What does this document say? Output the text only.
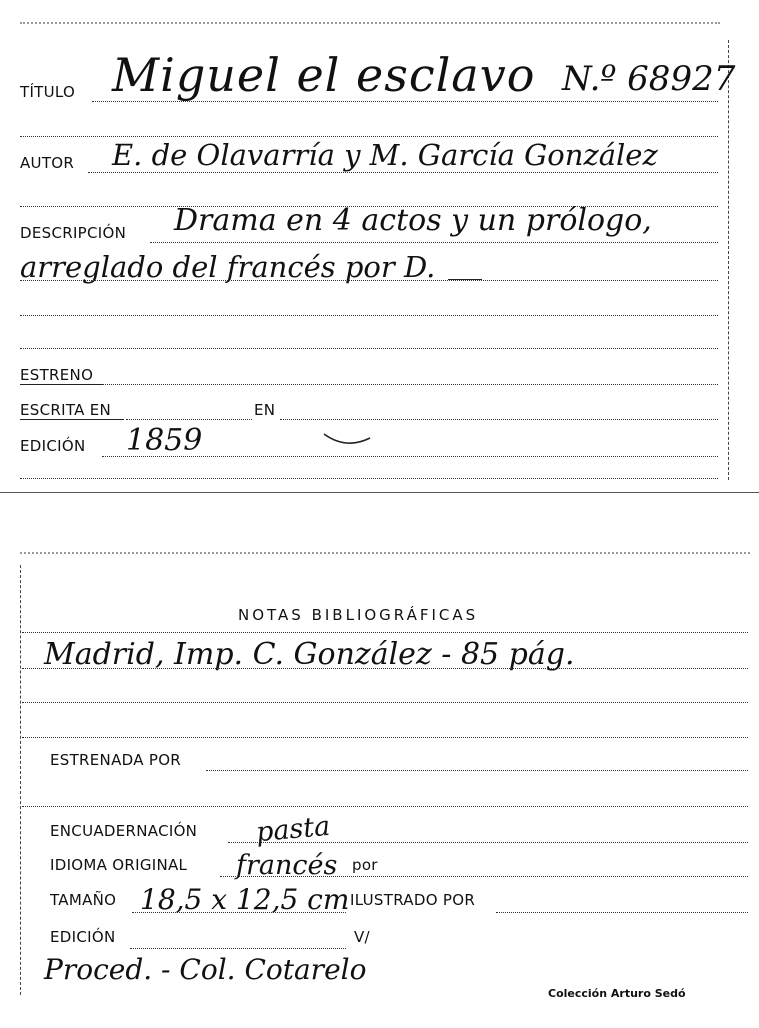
TÍTULO Miguel el esclavo N.º 68927
AUTOR E. de Olavarría y M. García González
DESCRIPCIÓN Drama en 4 actos y un prólogo,
arreglado del francés por D.
ESTRENO
ESCRITA EN	EN
EDICIÓN 1859
NOTAS BIBLIOGRÁFICAS
Madrid, Imp. C. González - 85 pág.
ESTRENADA POR
ENCUADERNACIÓN pasta
IDIOMA ORIGINAL francés por
TAMAÑO 18,5 x 12,5 cm ILUSTRADO POR
EDICIÓN	V/
Proced. - Col. Cotarelo
Colección Arturo Sedó
